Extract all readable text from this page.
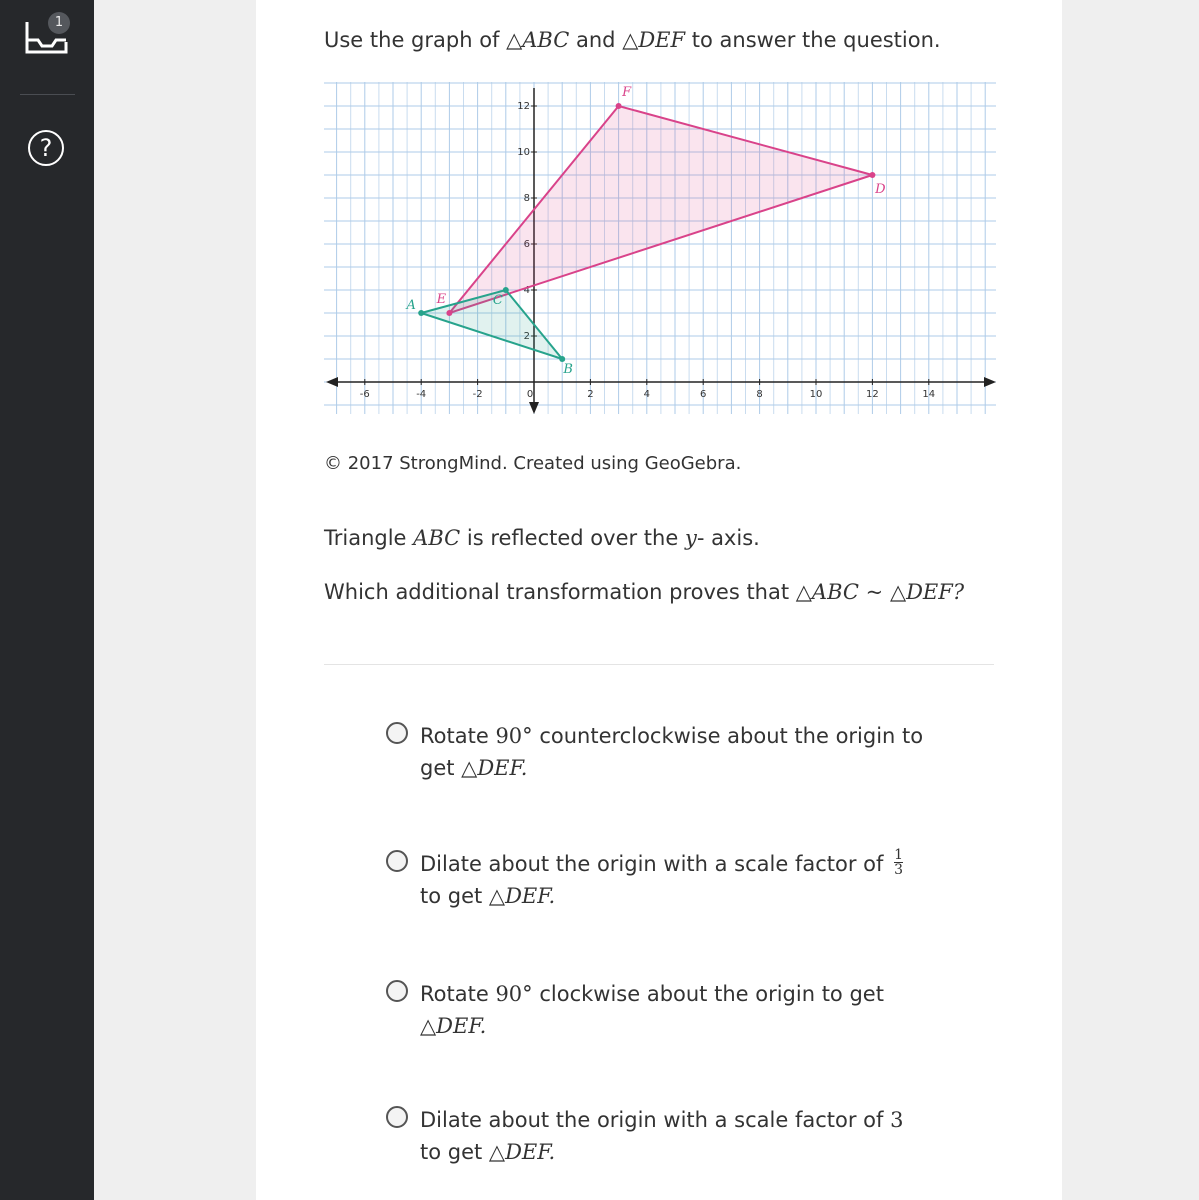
1
?
Use the graph of △ABC and △DEF to answer the question.
-6	-4	-2	0	2	4	6	8	10	12	14
2
4
6
8
10
12
A
B
C
D
E
F
© 2017 StrongMind. Created using GeoGebra.
Triangle ABC is reflected over the y- axis.
Which additional transformation proves that △ABC ~ △DEF?
Rotate 90° counterclockwise about the origin to get △DEF.
Dilate about the origin with a scale factor of $\frac{1}{3}$
to get △DEF.
Rotate 90° clockwise about the origin to get △DEF.
Dilate about the origin with a scale factor of 3 to get △DEF.
